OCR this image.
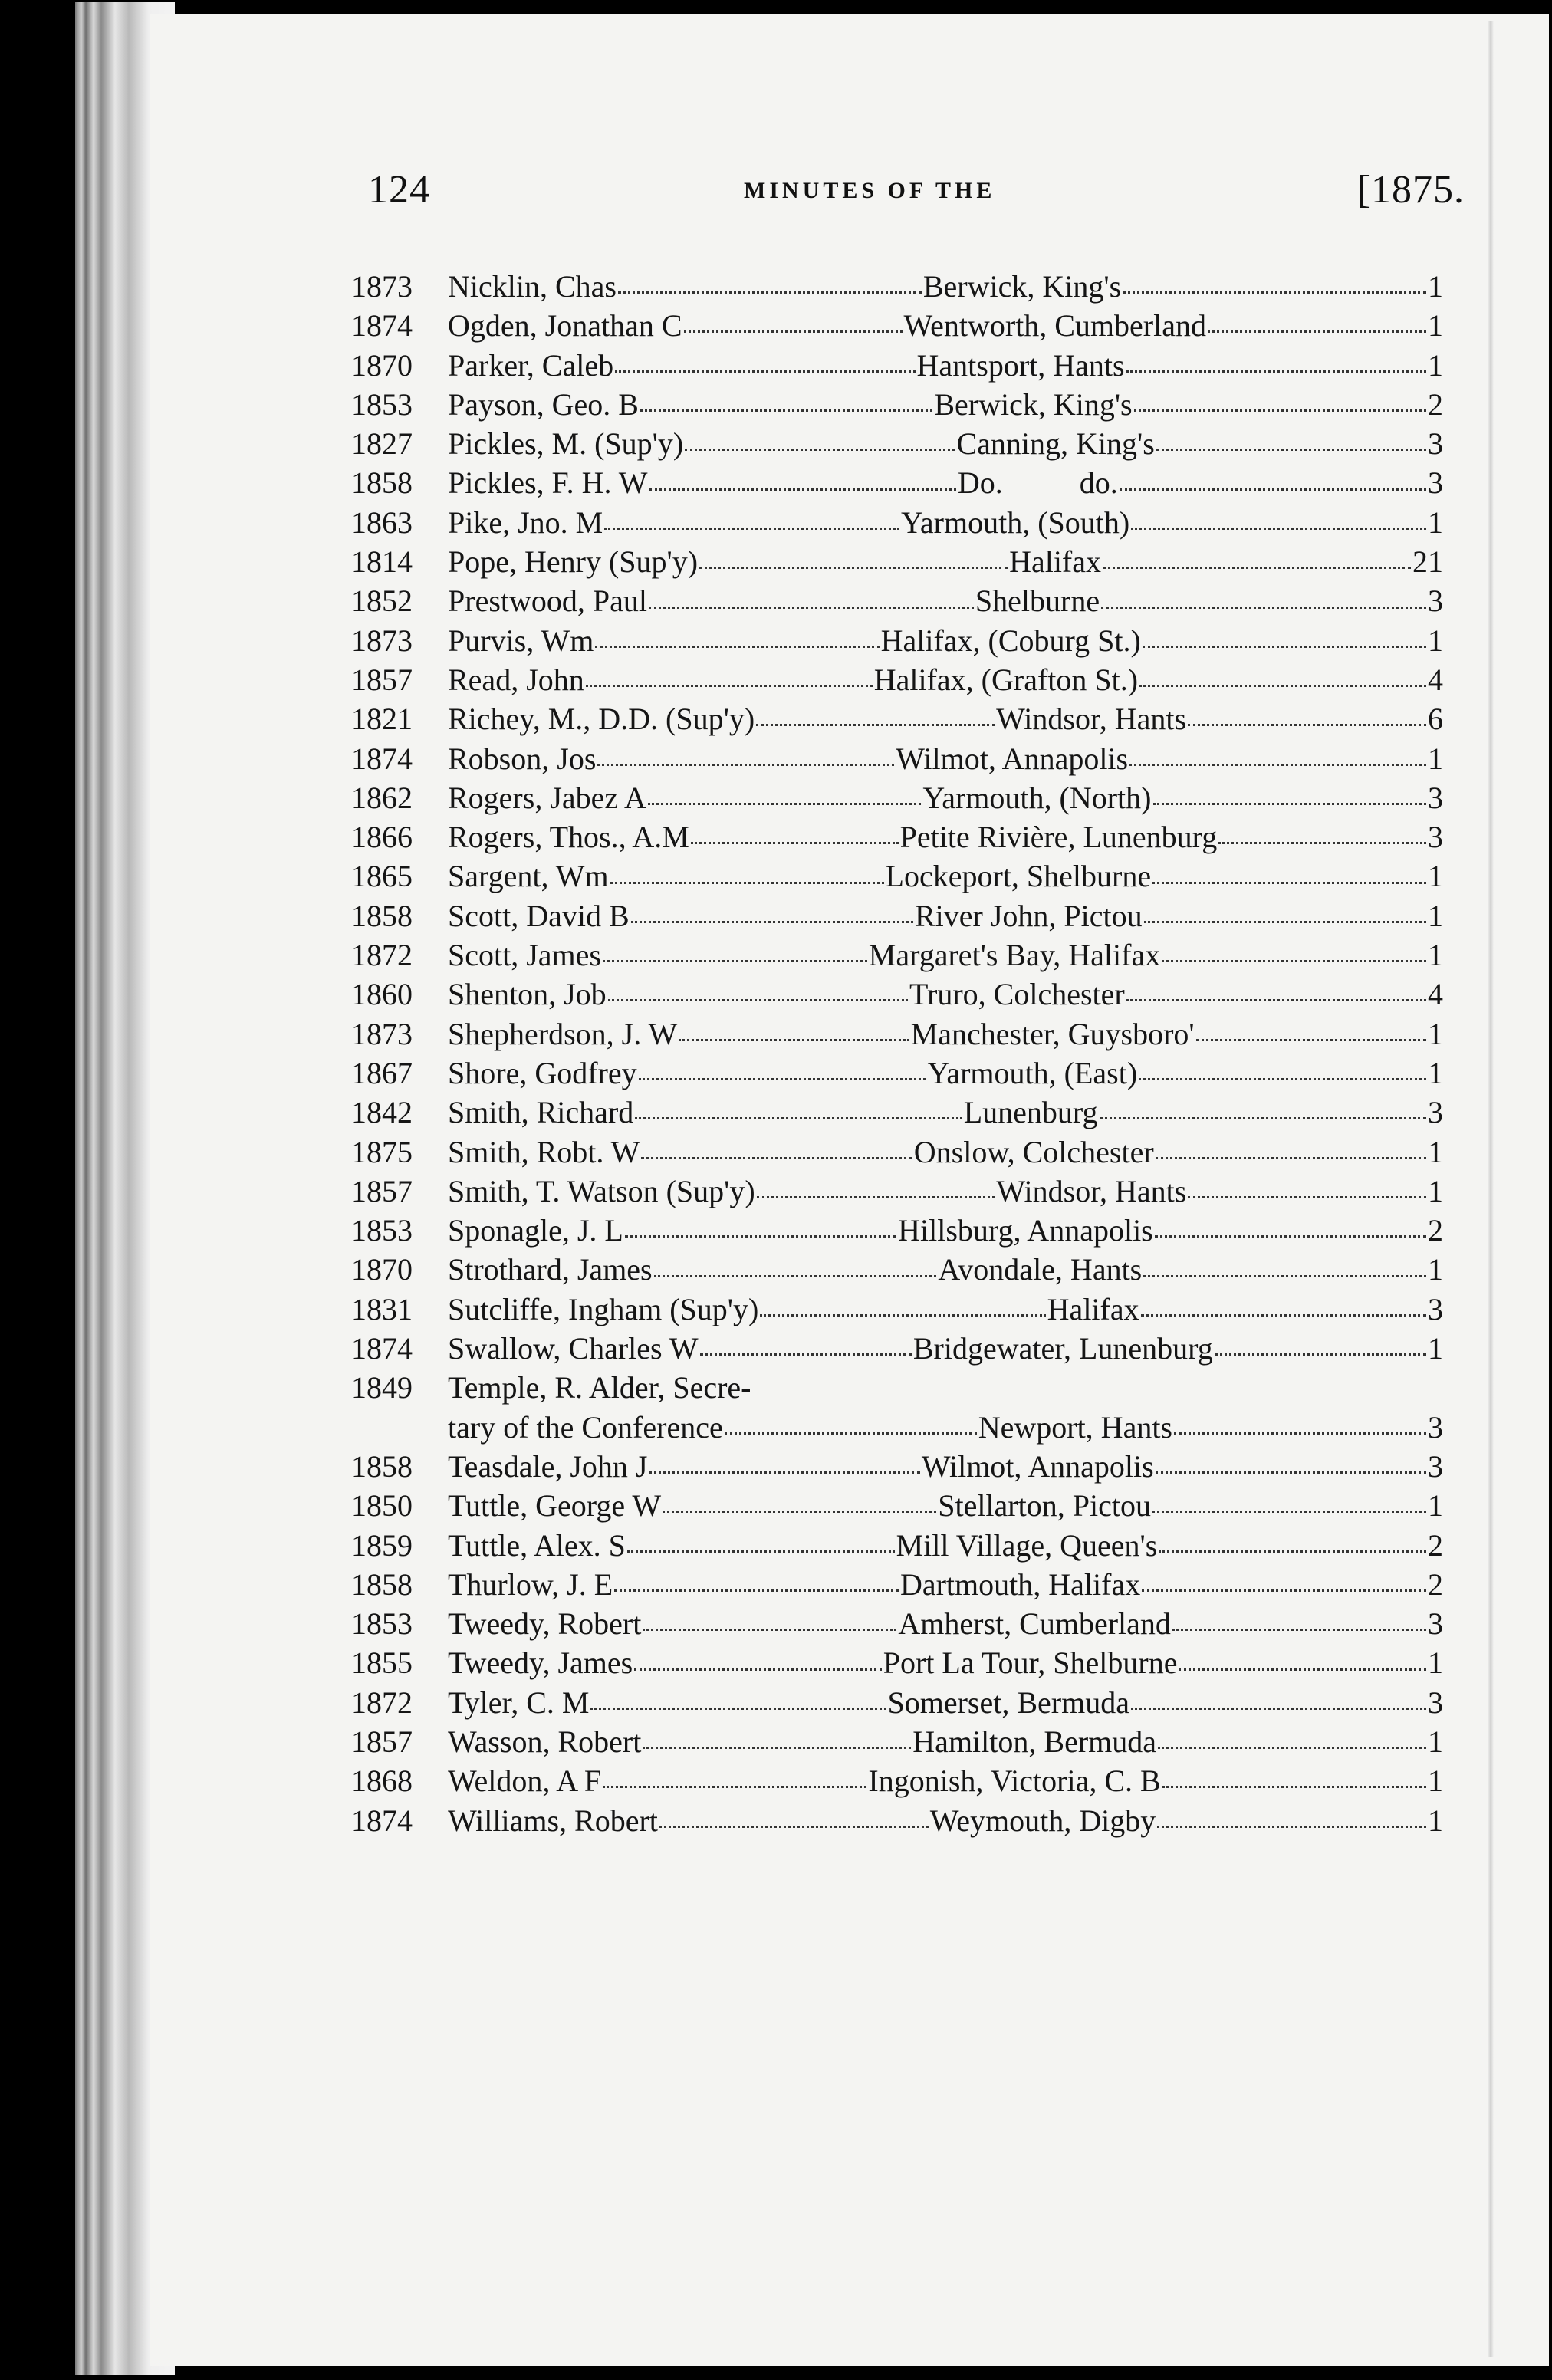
124	MINUTES OF THE	[1875.
1873	Nicklin, Chas	Berwick, King's	1
1874	Ogden, Jonathan C	Wentworth, Cumberland	1
1870	Parker, Caleb	Hantsport, Hants	1
1853	Payson, Geo. B	Berwick, King's	2
1827	Pickles, M. (Sup'y)	Canning, King's	3
1858	Pickles, F. H. W	Do.          do.	3
1863	Pike, Jno. M	Yarmouth, (South)	1
1814	Pope, Henry (Sup'y)	Halifax	21
1852	Prestwood, Paul	Shelburne	3
1873	Purvis, Wm	Halifax, (Coburg St.)	1
1857	Read, John	Halifax, (Grafton St.)	4
1821	Richey, M., D.D. (Sup'y)	Windsor, Hants	6
1874	Robson, Jos	Wilmot, Annapolis	1
1862	Rogers, Jabez A	Yarmouth, (North)	3
1866	Rogers, Thos., A.M	Petite Rivière, Lunenburg	3
1865	Sargent, Wm	Lockeport, Shelburne	1
1858	Scott, David B	River John, Pictou	1
1872	Scott, James	Margaret's Bay, Halifax	1
1860	Shenton, Job	Truro, Colchester	4
1873	Shepherdson, J. W	Manchester, Guysboro'	1
1867	Shore, Godfrey	Yarmouth, (East)	1
1842	Smith, Richard	Lunenburg	3
1875	Smith, Robt. W	Onslow, Colchester	1
1857	Smith, T. Watson (Sup'y)	Windsor, Hants	1
1853	Sponagle, J. L	Hillsburg, Annapolis	2
1870	Strothard, James	Avondale, Hants	1
1831	Sutcliffe, Ingham (Sup'y)	Halifax	3
1874	Swallow, Charles W	Bridgewater, Lunenburg	1
1849	Temple, R. Alder, Secre-
tary of the Conference	Newport, Hants	3
1858	Teasdale, John J	Wilmot, Annapolis	3
1850	Tuttle, George W	Stellarton, Pictou	1
1859	Tuttle, Alex. S	Mill Village, Queen's	2
1858	Thurlow, J. E	Dartmouth, Halifax	2
1853	Tweedy, Robert	Amherst, Cumberland	3
1855	Tweedy, James	Port La Tour, Shelburne	1
1872	Tyler, C. M	Somerset, Bermuda	3
1857	Wasson, Robert	Hamilton, Bermuda	1
1868	Weldon, A F	Ingonish, Victoria, C. B	1
1874	Williams, Robert	Weymouth, Digby	1
